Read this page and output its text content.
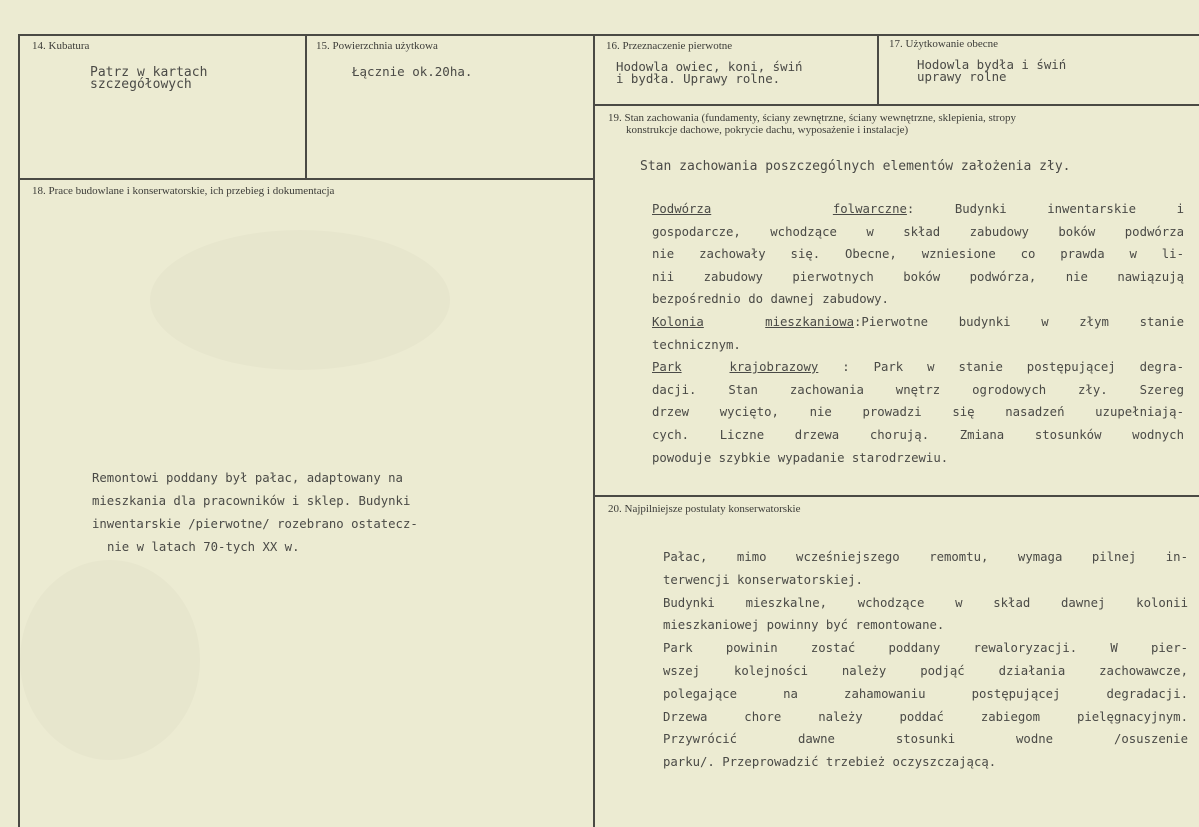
14. Kubatura
Patrz w kartach
szczegółowych
15. Powierzchnia użytkowa
Łącznie ok.20ha.
16. Przeznaczenie pierwotne
Hodowla owiec, koni, świń
i bydła. Uprawy rolne.
17. Użytkowanie obecne
Hodowla bydła i świń
uprawy rolne
18. Prace budowlane i konserwatorskie, ich przebieg i dokumentacja
Remontowi poddany był pałac, adaptowany na
mieszkania dla pracowników i sklep. Budynki
inwentarskie /pierwotne/ rozebrano ostatecz-
nie w latach 70-tych XX w.
19. Stan zachowania (fundamenty, ściany zewnętrzne, ściany wewnętrzne, sklepienia, stropy
konstrukcje dachowe, pokrycie dachu, wyposażenie i instalacje)
Stan zachowania poszczególnych elementów założenia zły.
Podwórza	folwarczne: Budynki inwentarskie i
gospodarcze, wchodzące w skład zabudowy boków podwórza
nie zachowały się. Obecne, wzniesione co prawda w li-
nii zabudowy pierwotnych boków podwórza, nie nawiązują
bezpośrednio do dawnej zabudowy.
Kolonia	mieszkaniowa:Pierwotne budynki w złym stanie
technicznym.
Park	krajobrazowy : Park w stanie postępującej degra-
dacji. Stan zachowania wnętrz ogrodowych zły. Szereg
drzew wycięto, nie prowadzi się nasadzeń uzupełniają-
cych. Liczne drzewa chorują. Zmiana stosunków wodnych
powoduje szybkie wypadanie starodrzewiu.
20. Najpilniejsze postulaty konserwatorskie
Pałac, mimo wcześniejszego remomtu, wymaga pilnej in-
terwencji konserwatorskiej.
Budynki mieszkalne, wchodzące w skład dawnej kolonii
mieszkaniowej powinny być remontowane.
Park powinin zostać poddany rewaloryzacji. W pier-
wszej kolejności należy podjąć działania zachowawcze,
polegające na zahamowaniu postępującej degradacji.
Drzewa chore należy poddać zabiegom pielęgnacyjnym.
Przywrócić dawne stosunki wodne /osuszenie
parku/. Przeprowadzić trzebież oczyszczającą.
